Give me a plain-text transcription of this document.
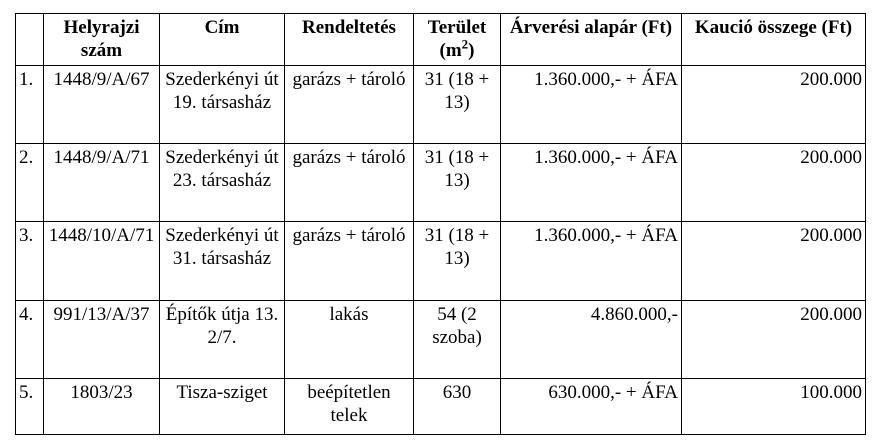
	Helyrajzi szám	Cím	Rendeltetés	Terület $(m^2)$	Árverési alapár (Ft)	Kaució összege (Ft)
1.	1448/9/A/67	Szederkényi út 19. társasház	garázs + tároló	31 (18 + 13)	1.360.000,- + ÁFA	200.000
2.	1448/9/A/71	Szederkényi út 23. társasház	garázs + tároló	31 (18 + 13)	1.360.000,- + ÁFA	200.000
3.	1448/10/A/71	Szederkényi út 31. társasház	garázs + tároló	31 (18 + 13)	1.360.000,- + ÁFA	200.000
4.	991/13/A/37	Építők útja 13. 2/7.	lakás	54 (2 szoba)	4.860.000,-	200.000
5.	1803/23	Tisza-sziget	beépítetlen telek	630	630.000,- + ÁFA	100.000
